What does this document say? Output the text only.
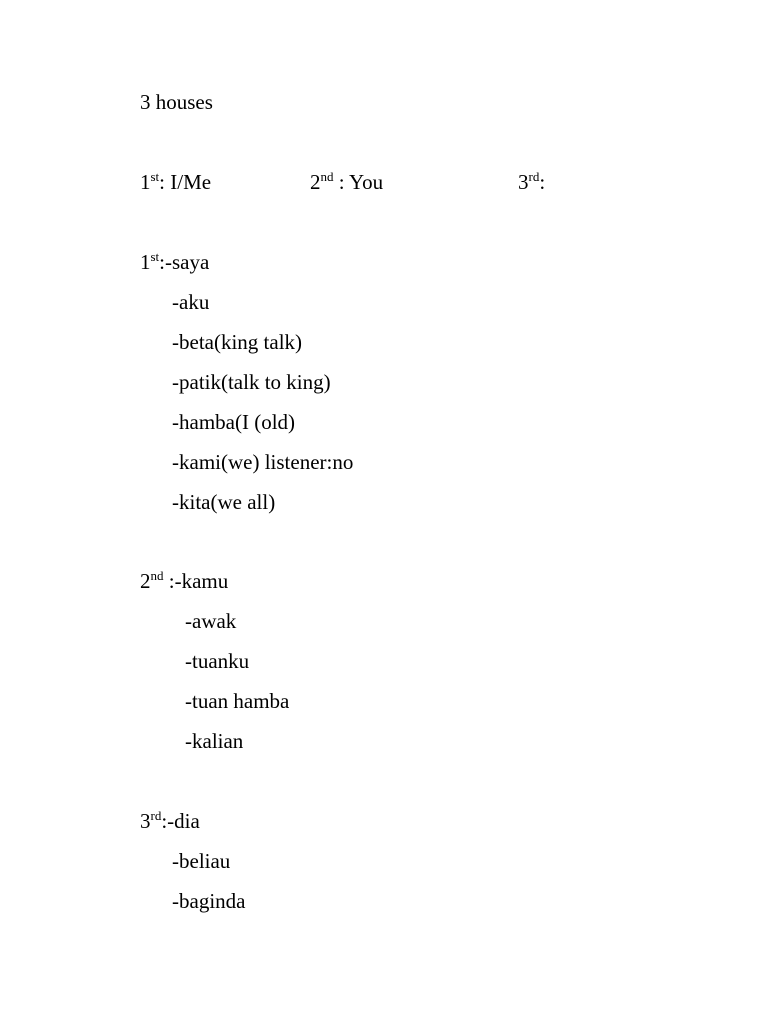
3 houses
1st: I/Me	2nd : You	3rd:
1st:-saya
-aku
-beta(king talk)
-patik(talk to king)
-hamba(I (old)
-kami(we) listener:no
-kita(we all)
2nd :-kamu
-awak
-tuanku
-tuan hamba
-kalian
3rd:-dia
-beliau
-baginda
